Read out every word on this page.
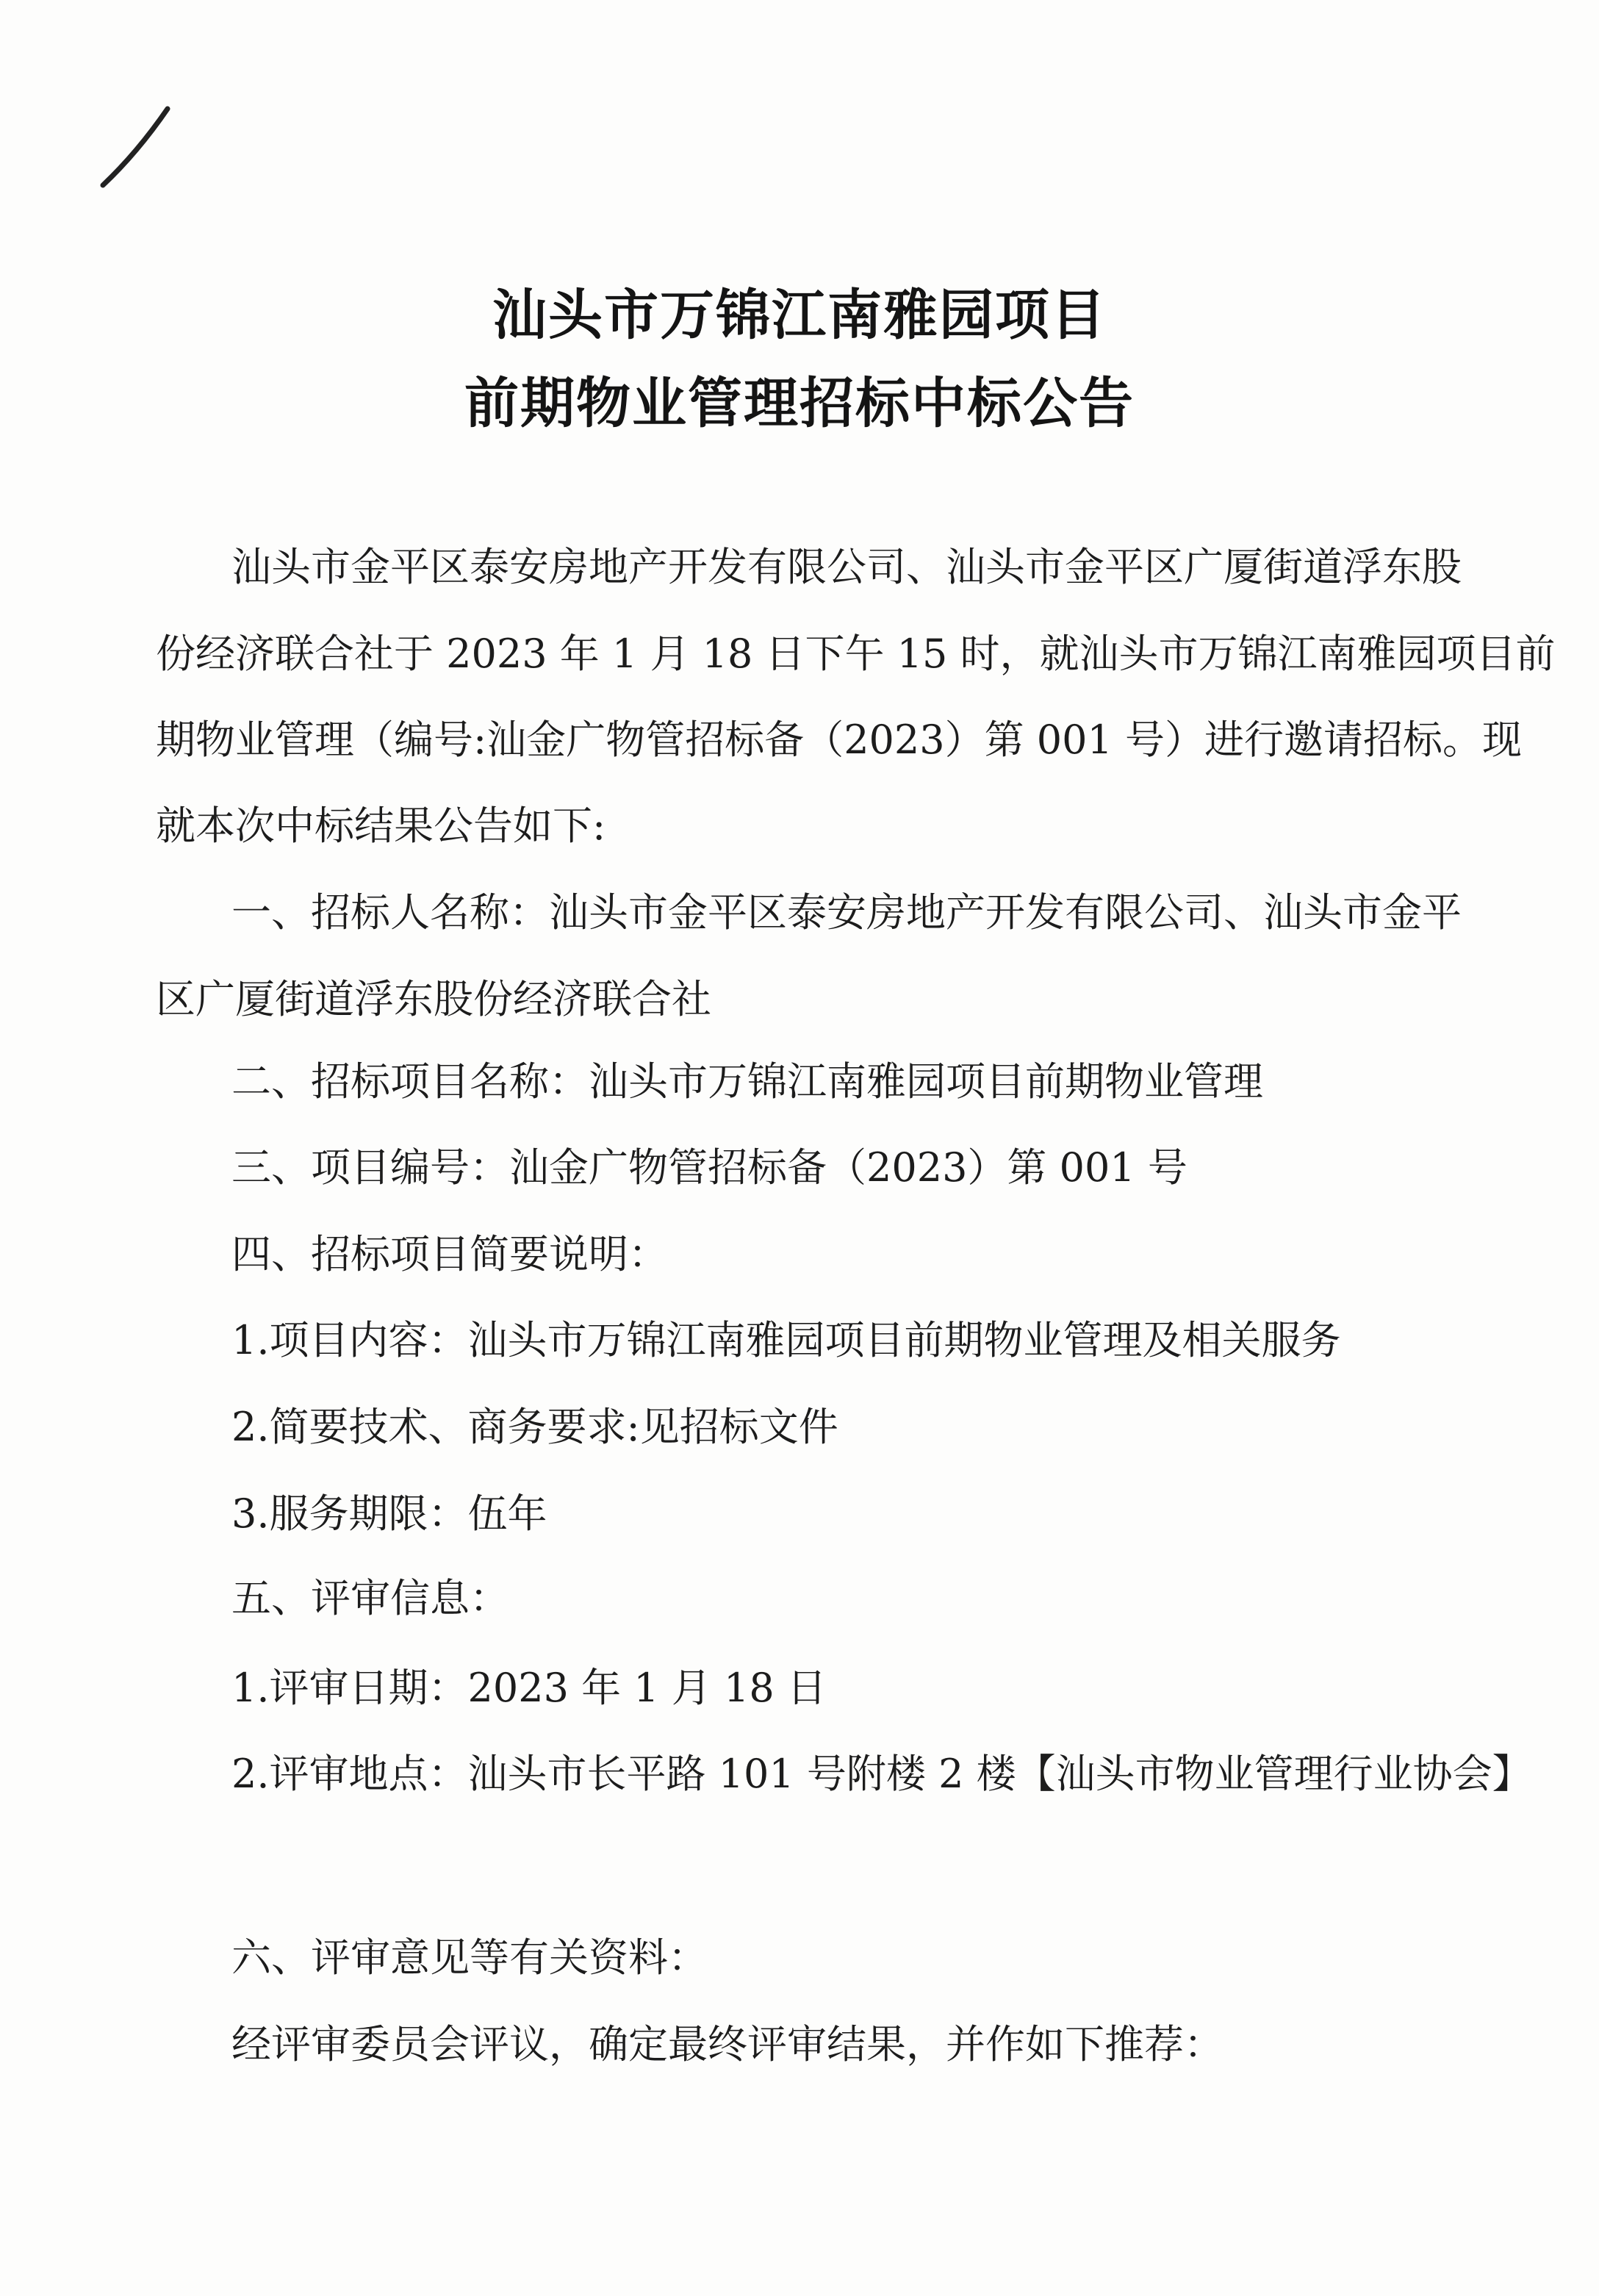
汕头市万锦江南雅园项目
前期物业管理招标中标公告
汕头市金平区泰安房地产开发有限公司、汕头市金平区广厦街道浮东股
份经济联合社于 2023 年 1 月 18 日下午 15 时，就汕头市万锦江南雅园项目前
期物业管理（编号:汕金广物管招标备（2023）第 001 号）进行邀请招标。现
就本次中标结果公告如下:
一、招标人名称：汕头市金平区泰安房地产开发有限公司、汕头市金平
区广厦街道浮东股份经济联合社
二、招标项目名称：汕头市万锦江南雅园项目前期物业管理
三、项目编号：汕金广物管招标备（2023）第 001 号
四、招标项目简要说明：
1.项目内容：汕头市万锦江南雅园项目前期物业管理及相关服务
2.简要技术、商务要求:见招标文件
3.服务期限：伍年
五、评审信息：
1.评审日期：2023 年 1 月 18 日
2.评审地点：汕头市长平路 101 号附楼 2 楼【汕头市物业管理行业协会】
六、评审意见等有关资料：
经评审委员会评议，确定最终评审结果，并作如下推荐：
